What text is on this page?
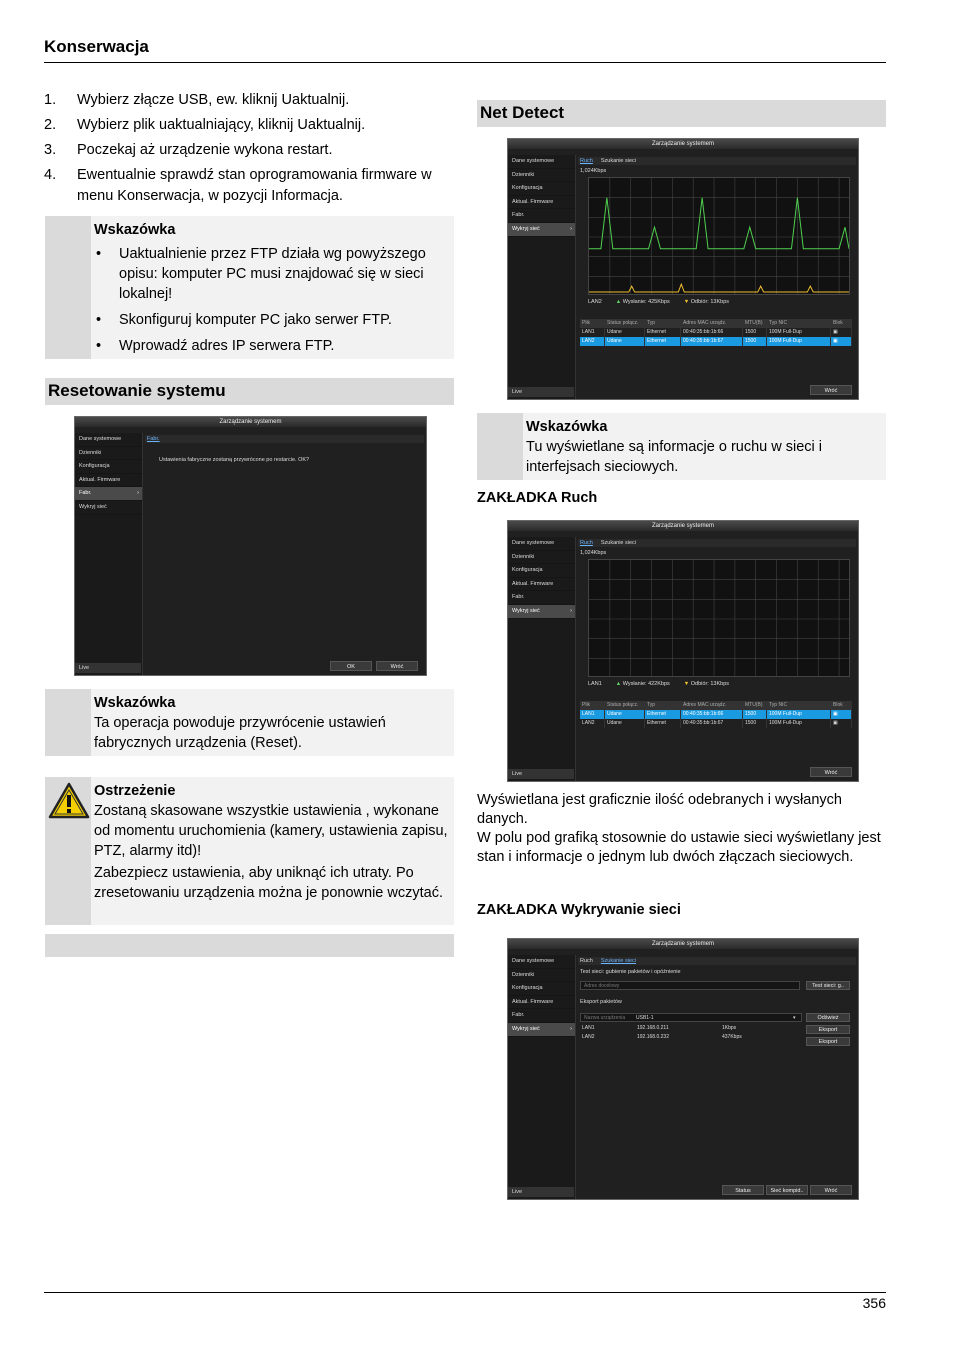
Konserwacja
1.	Wybierz złącze USB, ew. kliknij Uaktualnij.
2.	Wybierz plik uaktualniający, kliknij Uaktualnij.
3.	Poczekaj aż urządzenie wykona restart.
4.	Ewentualnie sprawdź stan oprogramowania firmware w menu Konserwacja, w pozycji Informacja.
Wskazówka
•	Uaktualnienie przez FTP działa wg powyższego opisu: komputer PC musi znajdować się w sieci lokalnej!
•	Skonfiguruj komputer PC jako serwer FTP.
•	Wprowadź adres IP serwera FTP.
Resetowanie systemu
Zarządzanie systemem
Dane systemowe
Dzienniki
Konfiguracja
Aktual. Firmware
Fabr. ›
Wykryj sieć
Live
Fabr.
Ustawienia fabryczne zostaną przywrócone po restarcie. OK?
OK	Wróć
Wskazówka
Ta operacja powoduje przywrócenie ustawień fabrycznych urządzenia (Reset).
Ostrzeżenie
Zostaną skasowane wszystkie ustawienia , wykonane od momentu uruchomienia (kamery, ustawienia zapisu, PTZ, alarmy itd)!
Zabezpiecz ustawienia, aby uniknąć ich utraty. Po zresetowaniu urządzenia można je ponownie wczytać.
Net Detect
Zarządzanie systemem
Dane systemowe
Dzienniki
Konfiguracja
Aktual. Firmware
Fabr.
Wykryj sieć ›
Live
Ruch Szukanie sieci
1,024Kbps
LAN2	▲ Wysłanie: 425Kbps	▼ Odbiór: 13Kbps
Plik	Status połącz.	Typ	Adres MAC urządz.	MTU(B)	Typ NIC	Blok
LAN1	Udane	Ethernet	00:40:35:bb:1b:66	1500	100M Full-Dup	▣
LAN2	Udane	Ethernet	00:40:35:bb:1b:67	1500	100M Full-Dup	▣
Wróć
Wskazówka
Tu wyświetlane są informacje o ruchu w sieci i interfejsach sieciowych.
ZAKŁADKA Ruch
Zarządzanie systemem
Dane systemowe
Dzienniki
Konfiguracja
Aktual. Firmware
Fabr.
Wykryj sieć ›
Live
Ruch Szukanie sieci
1,024Kbps
LAN1	▲ Wysłanie: 422Kbps	▼ Odbiór: 13Kbps
Plik	Status połącz.	Typ	Adres MAC urządz.	MTU(B)	Typ NIC	Blok
LAN1	Udane	Ethernet	00:40:35:bb:1b:66	1500	100M Full-Dup	▣
LAN2	Udane	Ethernet	00:40:35:bb:1b:67	1500	100M Full-Dup	▣
Wróć
Wyświetlana jest graficznie ilość odebranych i wysłanych danych.
W polu pod grafiką stosownie do ustawie sieci wyświetlany jest stan i informacje o jednym lub dwóch złączach sieciowych.
ZAKŁADKA Wykrywanie sieci
Zarządzanie systemem
Dane systemowe
Dzienniki
Konfiguracja
Aktual. Firmware
Fabr.
Wykryj sieć ›
Live
Ruch Szukanie sieci
Test sieci: gubienie pakietów i opóźnienie
Adres docelowy	Test sieci: g..
Eksport pakietów
Nazwa urządzenia	USB1-1	▾	Odśwież
LAN1	192.168.0.211	1Kbps
LAN2	192.168.0.232	437Kbps
Eksport
Eksport
Status	Sieć kompid..	Wróć
356
